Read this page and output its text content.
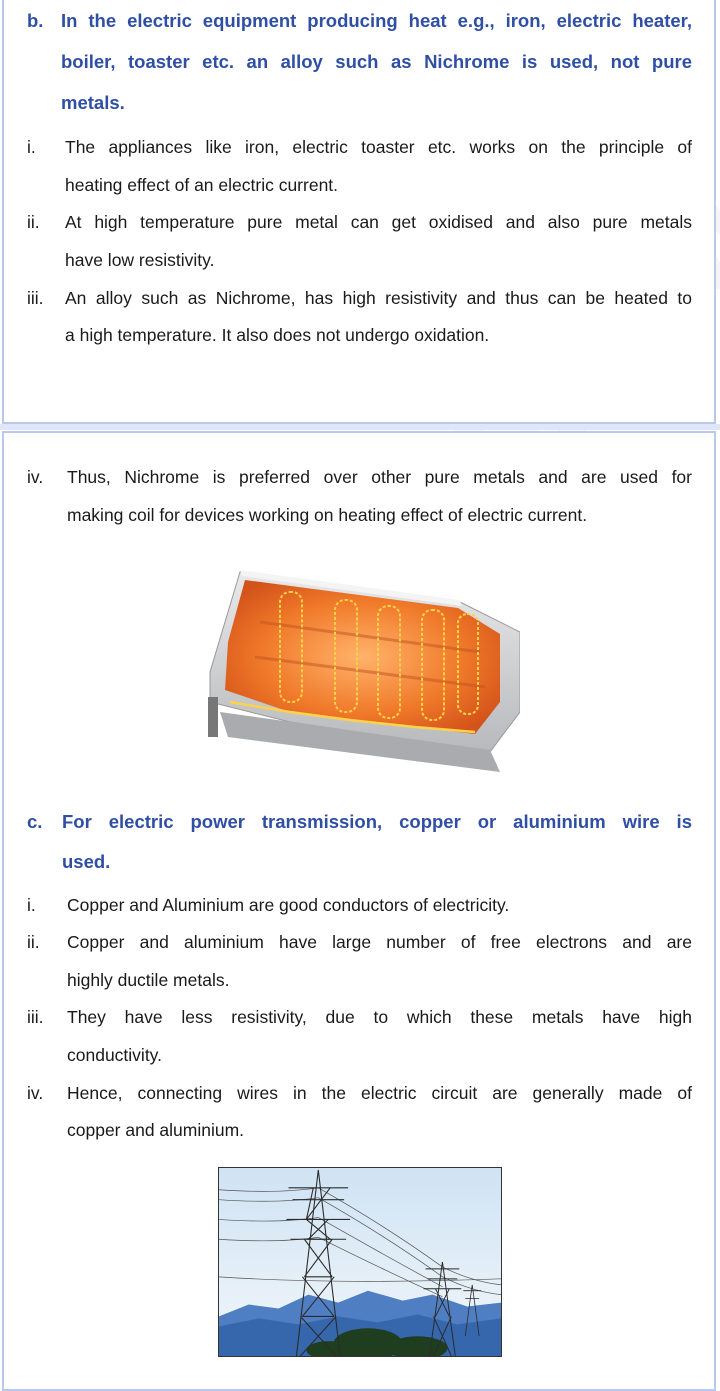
b. In the electric equipment producing heat e.g., iron, electric heater,
boiler, toaster etc. an alloy such as Nichrome is used, not pure
metals.
i. The appliances like iron, electric toaster etc. works on the principle of
heating effect of an electric current.
ii. At high temperature pure metal can get oxidised and also pure metals
have low resistivity.
iii. An alloy such as Nichrome, has high resistivity and thus can be heated to
a high temperature. It also does not undergo oxidation.
iv. Thus, Nichrome is preferred over other pure metals and are used for
making coil for devices working on heating effect of electric current.
c. For electric power transmission, copper or aluminium wire is
used.
i. Copper and Aluminium are good conductors of electricity.
ii. Copper and aluminium have large number of free electrons and are
highly ductile metals.
iii. They have less resistivity, due to which these metals have high
conductivity.
iv. Hence, connecting wires in the electric circuit are generally made of
copper and aluminium.
